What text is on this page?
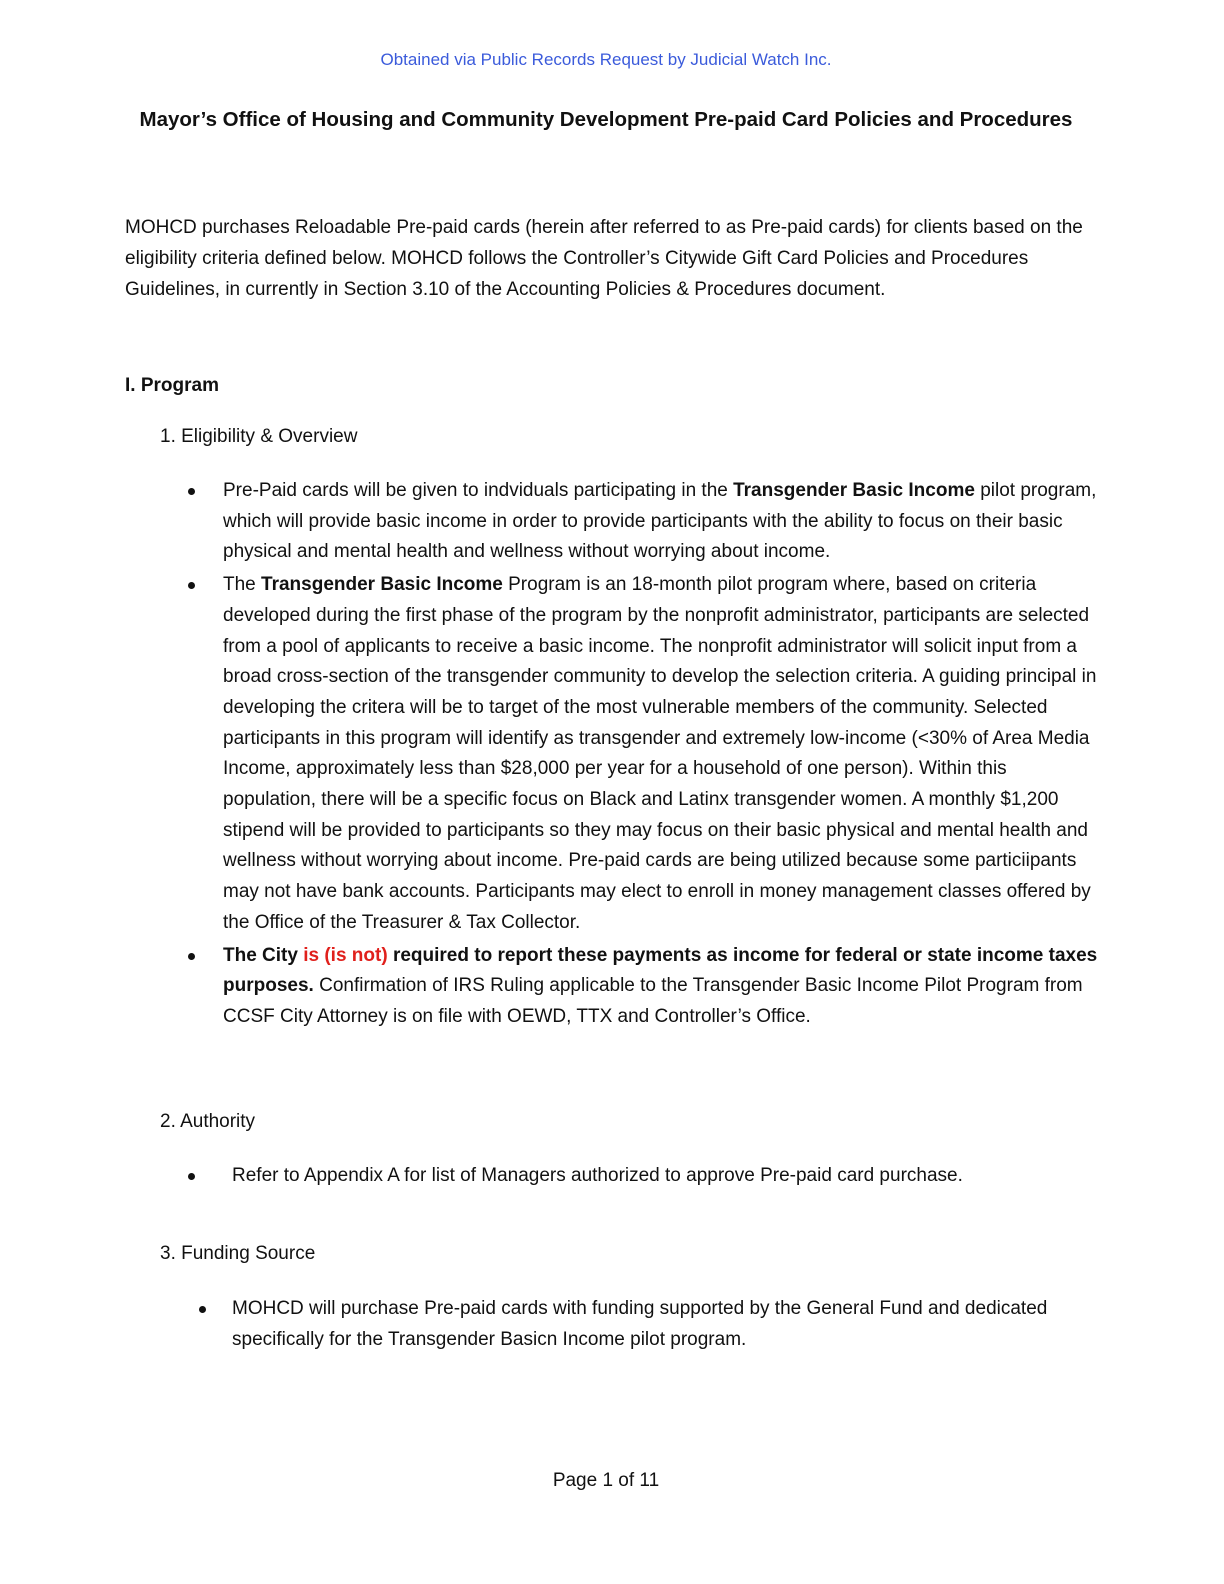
Obtained via Public Records Request by Judicial Watch Inc.
Mayor’s Office of Housing and Community Development Pre-paid Card Policies and Procedures

MOHCD purchases Reloadable Pre-paid cards (herein after referred to as Pre-paid cards) for clients based on the eligibility criteria defined below. MOHCD follows the Controller’s Citywide Gift Card Policies and Procedures Guidelines, in currently in Section 3.10 of the Accounting Policies & Procedures document.

I. Program

1. Eligibility & Overview

Pre-Paid cards will be given to indviduals participating in the Transgender Basic Income pilot program, which will provide basic income in order to provide participants with the ability to focus on their basic physical and mental health and wellness without worrying about income.
The Transgender Basic Income Program is an 18-month pilot program where, based on criteria developed during the first phase of the program by the nonprofit administrator, participants are selected from a pool of applicants to receive a basic income. The nonprofit administrator will solicit input from a broad cross-section of the transgender community to develop the selection criteria. A guiding principal in developing the critera will be to target of the most vulnerable members of the community. Selected participants in this program will identify as transgender and extremely low-income (<30% of Area Media Income, approximately less than $28,000 per year for a household of one person). Within this population, there will be a specific focus on Black and Latinx transgender women. A monthly $1,200 stipend will be provided to participants so they may focus on their basic physical and mental health and wellness without worrying about income. Pre-paid cards are being utilized because some particiipants may not have bank accounts. Participants may elect to enroll in money management classes offered by the Office of the Treasurer & Tax Collector.
The City is (is not) required to report these payments as income for federal or state income taxes purposes. Confirmation of IRS Ruling applicable to the Transgender Basic Income Pilot Program from CCSF City Attorney is on file with OEWD, TTX and Controller’s Office.

2. Authority

Refer to Appendix A for list of Managers authorized to approve Pre-paid card purchase.

3. Funding Source

MOHCD will purchase Pre-paid cards with funding supported by the General Fund and dedicated specifically for the Transgender Basicn Income pilot program.
Page 1 of 11
